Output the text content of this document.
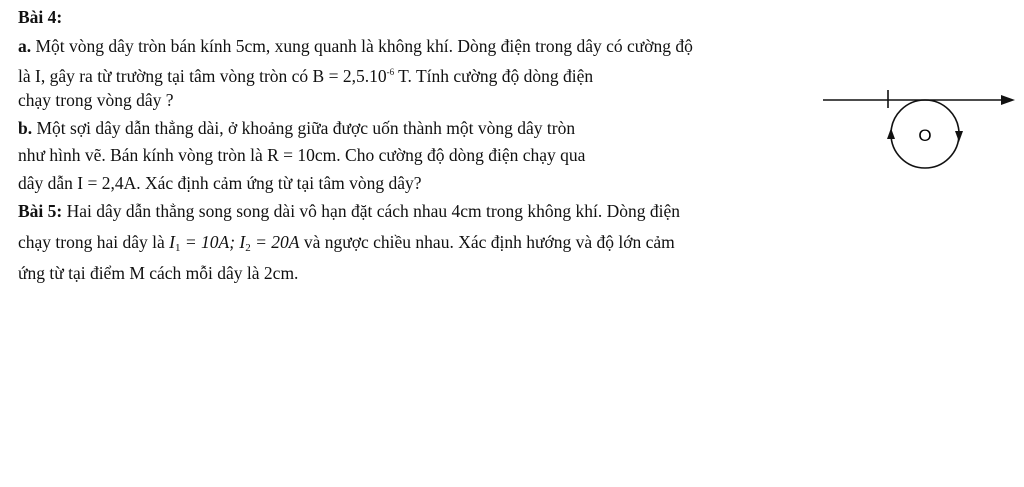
Bài 4:
a. Một vòng dây tròn bán kính 5cm, xung quanh là không khí. Dòng điện trong dây có cường độ
là I, gây ra từ trường tại tâm vòng tròn có $B = 2,5.10^{-6}$ T. Tính cường độ dòng điện
chạy trong vòng dây ?
b. Một sợi dây dẫn thẳng dài, ở khoảng giữa được uốn thành một vòng dây tròn
như hình vẽ. Bán kính vòng tròn là R = 10cm. Cho cường độ dòng điện chạy qua
dây dẫn I = 2,4A. Xác định cảm ứng từ tại tâm vòng dây?
Bài 5: Hai dây dẫn thẳng song song dài vô hạn đặt cách nhau 4cm trong không khí. Dòng điện
chạy trong hai dây là $I_1 = 10A$; $I_2 = 20A$ và ngược chiều nhau. Xác định hướng và độ lớn cảm
ứng từ tại điểm M cách mỗi dây là 2cm.
O
